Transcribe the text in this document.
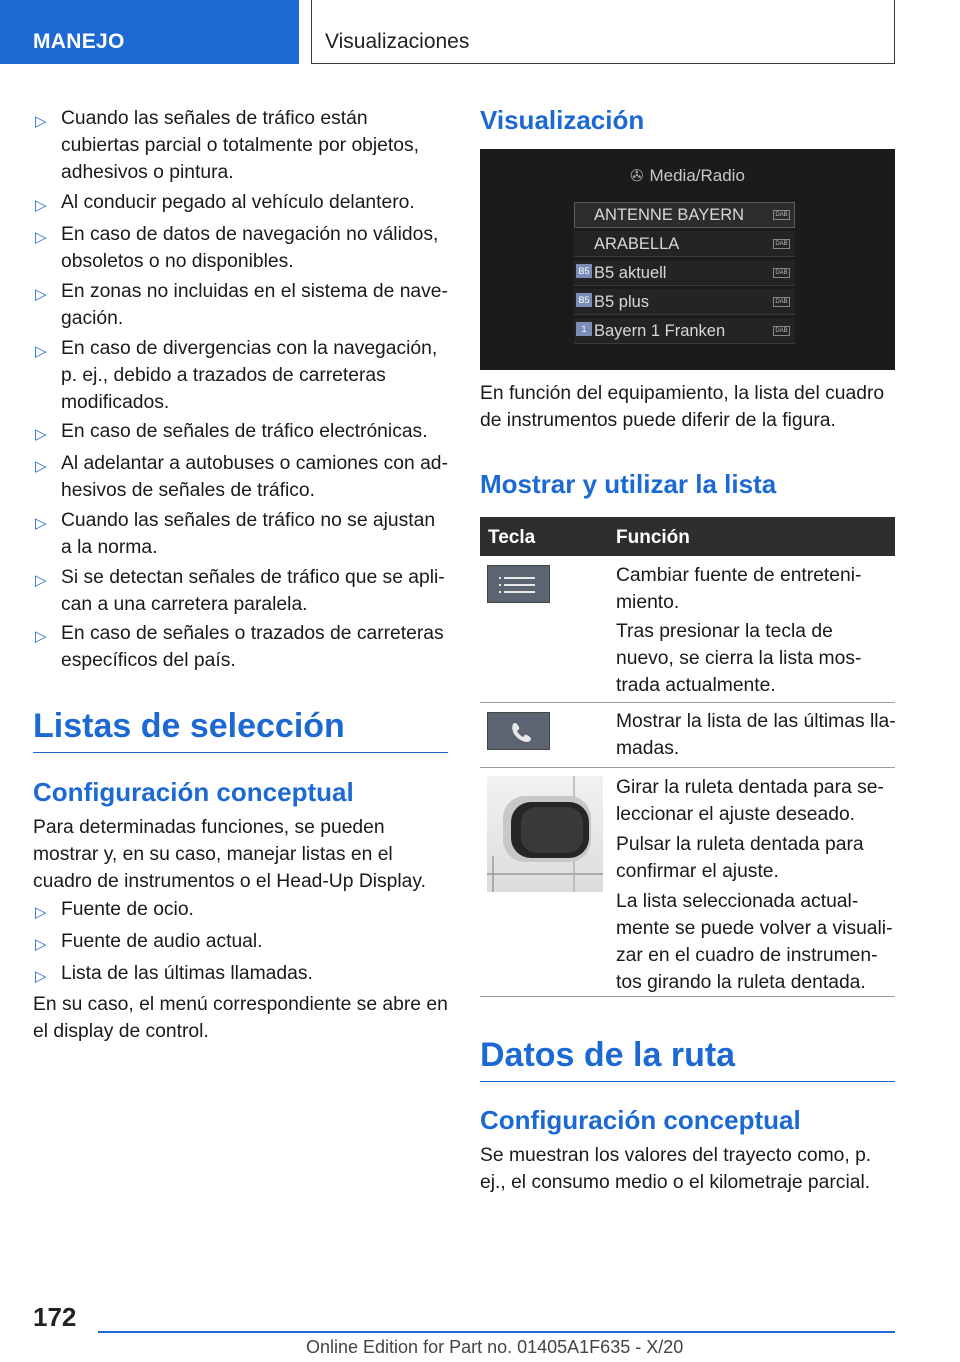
MANEJO	Visualizaciones
▷ Cuando las señales de tráfico están cubiertas parcial o totalmente por objetos, adhesivos o pintura.
▷ Al conducir pegado al vehículo delantero.
▷ En caso de datos de navegación no válidos, obsoletos o no disponibles.
▷ En zonas no incluidas en el sistema de navegación.
▷ En caso de divergencias con la navegación, p. ej., debido a trazados de carreteras modificados.
▷ En caso de señales de tráfico electrónicas.
▷ Al adelantar a autobuses o camiones con adhesivos de señales de tráfico.
▷ Cuando las señales de tráfico no se ajustan a la norma.
▷ Si se detectan señales de tráfico que se aplican a una carretera paralela.
▷ En caso de señales o trazados de carreteras específicos del país.
Listas de selección
Configuración conceptual
Para determinadas funciones, se pueden mostrar y, en su caso, manejar listas en el cuadro de instrumentos o el Head-Up Display.
▷ Fuente de ocio.
▷ Fuente de audio actual.
▷ Lista de las últimas llamadas.
En su caso, el menú correspondiente se abre en el display de control.
Visualización
✇ Media/Radio
ANTENNE BAYERN
ARABELLA
B5 B5 aktuell
B5 B5 plus
1 Bayern 1 Franken
DAB
DAB
DAB
DAB
DAB
En función del equipamiento, la lista del cuadro de instrumentos puede diferir de la figura.
Mostrar y utilizar la lista
Tecla	Función
Cambiar fuente de entretenimiento.
Tras presionar la tecla de nuevo, se cierra la lista mostrada actualmente.
Mostrar la lista de las últimas llamadas.
Girar la ruleta dentada para seleccionar el ajuste deseado.
Pulsar la ruleta dentada para confirmar el ajuste.
La lista seleccionada actualmente se puede volver a visualizar en el cuadro de instrumentos girando la ruleta dentada.
Datos de la ruta
Configuración conceptual
Se muestran los valores del trayecto como, p. ej., el consumo medio o el kilometraje parcial.
172
Online Edition for Part no. 01405A1F635 - X/20
